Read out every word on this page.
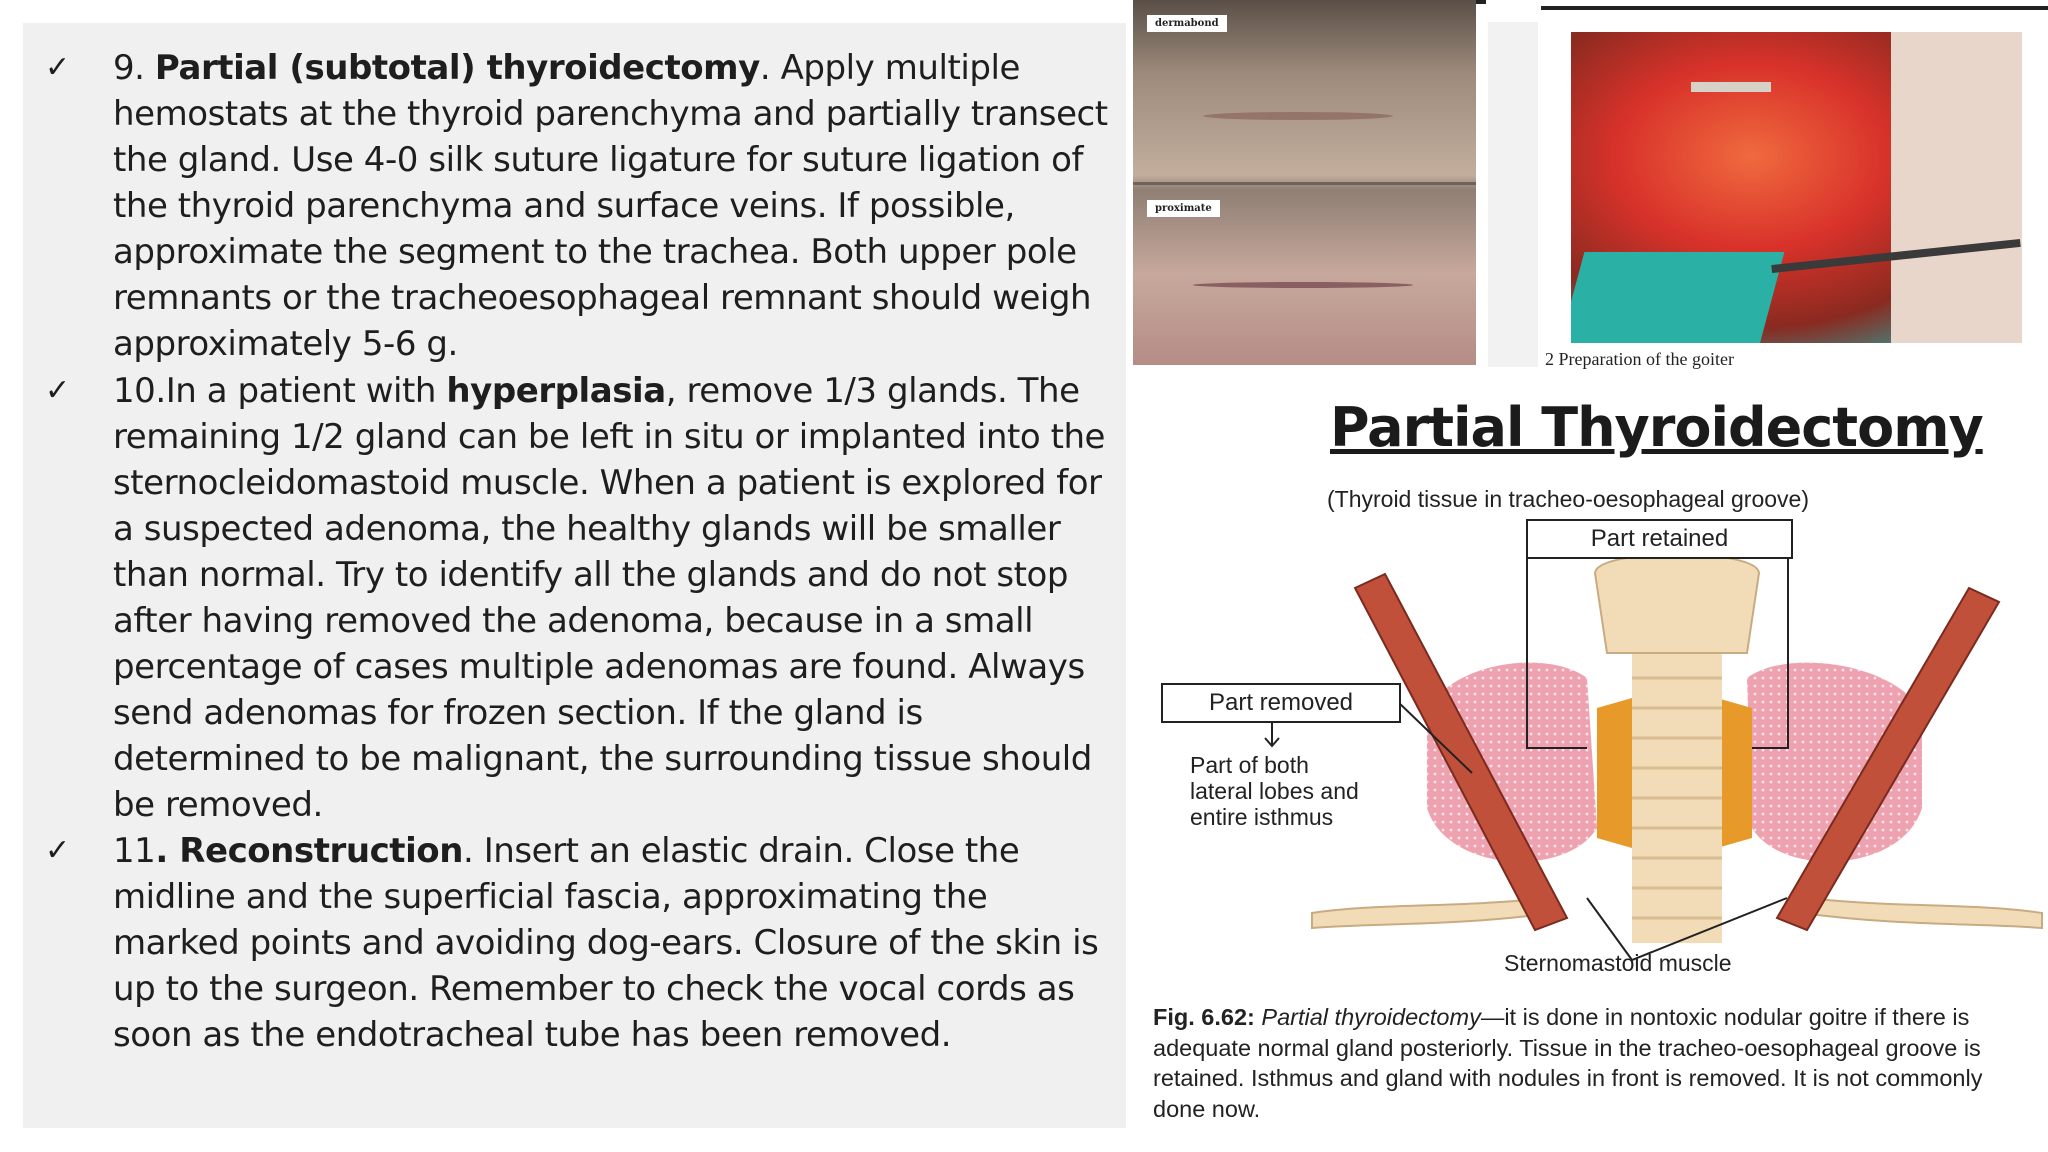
✓	9. Partial (subtotal) thyroidectomy. Apply multiple hemostats at the thyroid parenchyma and partially transect the gland. Use 4-0 silk suture ligature for suture ligation of the thyroid parenchyma and surface veins. If possible, approximate the segment to the trachea. Both upper pole remnants or the tracheoesophageal remnant should weigh approximately 5-6 g.
✓	10.In a patient with hyperplasia, remove 1/3 glands. The remaining 1/2 gland can be left in situ or implanted into the sternocleidomastoid muscle. When a patient is explored for a suspected adenoma, the healthy glands will be smaller than normal. Try to identify all the glands and do not stop after having removed the adenoma, because in a small percentage of cases multiple adenomas are found. Always send adenomas for frozen section. If the gland is determined to be malignant, the surrounding tissue should be removed.
✓	11. Reconstruction. Insert an elastic drain. Close the midline and the superficial fascia, approximating the marked points and avoiding dog-ears. Closure of the skin is up to the surgeon. Remember to check the vocal cords as soon as the endotracheal tube has been removed.
dermabond
proximate
2 Preparation of the goiter
Partial Thyroidectomy
(Thyroid tissue in tracheo-oesophageal groove)
Part retained
Part removed
Part of both
lateral lobes and
entire isthmus
Sternomastoid muscle
Fig. 6.62: Partial thyroidectomy—it is done in nontoxic nodular goitre if there is adequate normal gland posteriorly. Tissue in the tracheo-oesophageal groove is retained. Isthmus and gland with nodules in front is removed. It is not commonly done now.
